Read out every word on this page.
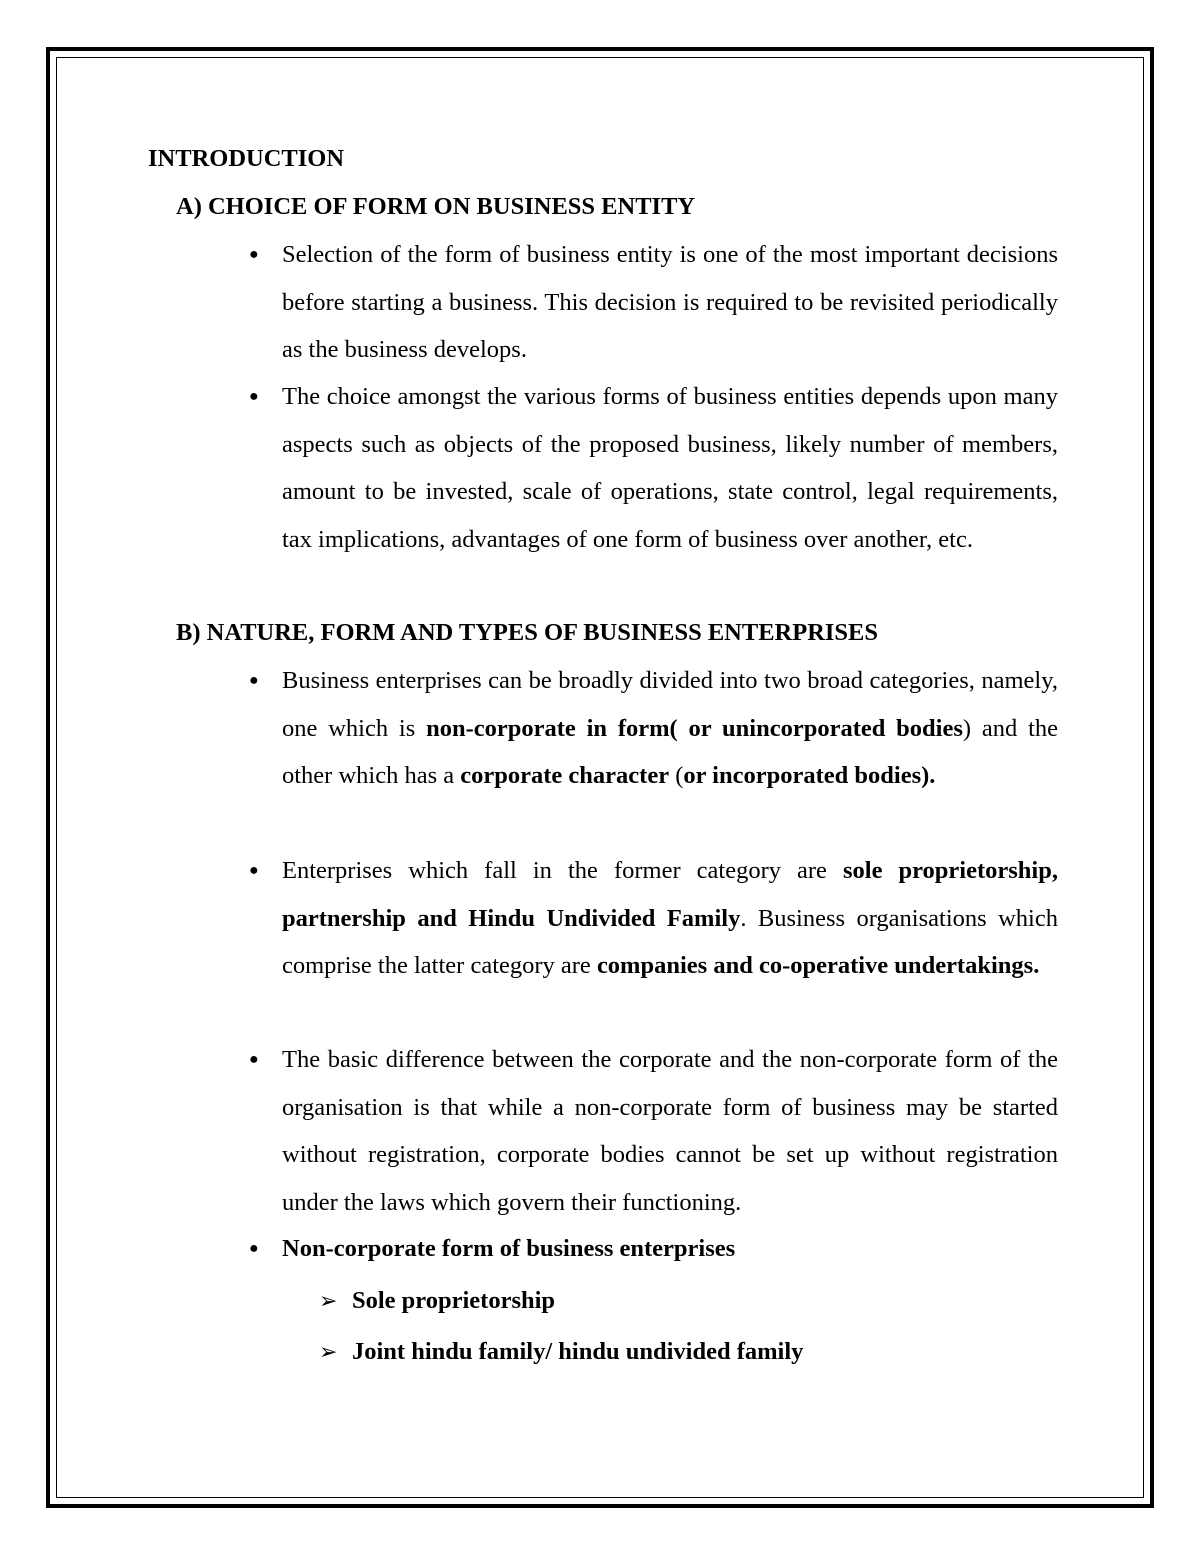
INTRODUCTION
A) CHOICE OF FORM ON BUSINESS ENTITY
● Selection of the form of business entity is one of the most important decisions before starting a business. This decision is required to be revisited periodically as the business develops.
● The choice amongst the various forms of business entities depends upon many aspects such as objects of the proposed business, likely number of members, amount to be invested, scale of operations, state control, legal requirements, tax implications, advantages of one form of business over another, etc.
B) NATURE, FORM AND TYPES OF BUSINESS ENTERPRISES
● Business enterprises can be broadly divided into two broad categories, namely, one which is non-corporate in form( or unincorporated bodies) and the other which has a corporate character (or incorporated bodies).
● Enterprises which fall in the former category are sole proprietorship, partnership and Hindu Undivided Family. Business organisations which comprise the latter category are companies and co-operative undertakings.
● The basic difference between the corporate and the non-corporate form of the organisation is that while a non-corporate form of business may be started without registration, corporate bodies cannot be set up without registration under the laws which govern their functioning.
● Non-corporate form of business enterprises
➢ Sole proprietorship
➢ Joint hindu family/ hindu undivided family
